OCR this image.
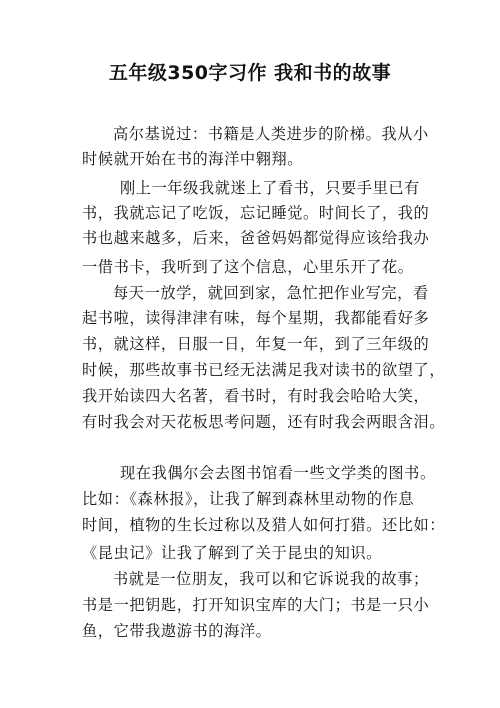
五年级350字习作 我和书的故事
高尔基说过：书籍是人类进步的阶梯。我从小
时候就开始在书的海洋中翱翔。
刚上一年级我就迷上了看书，只要手里已有
书，我就忘记了吃饭，忘记睡觉。时间长了，我的
书也越来越多，后来，爸爸妈妈都觉得应该给我办
一借书卡，我听到了这个信息，心里乐开了花。
每天一放学，就回到家，急忙把作业写完，看
起书啦，读得津津有味，每个星期，我都能看好多
书，就这样，日服一日，年复一年，到了三年级的
时候，那些故事书已经无法满足我对读书的欲望了，
我开始读四大名著，看书时，有时我会哈哈大笑，
有时我会对天花板思考问题，还有时我会两眼含泪。
现在我偶尔会去图书馆看一些文学类的图书。
比如：《森林报》，让我了解到森林里动物的作息
时间，植物的生长过称以及猎人如何打猎。还比如：
《昆虫记》让我了解到了关于昆虫的知识。
书就是一位朋友，我可以和它诉说我的故事；
书是一把钥匙，打开知识宝库的大门；书是一只小
鱼，它带我遨游书的海洋。
